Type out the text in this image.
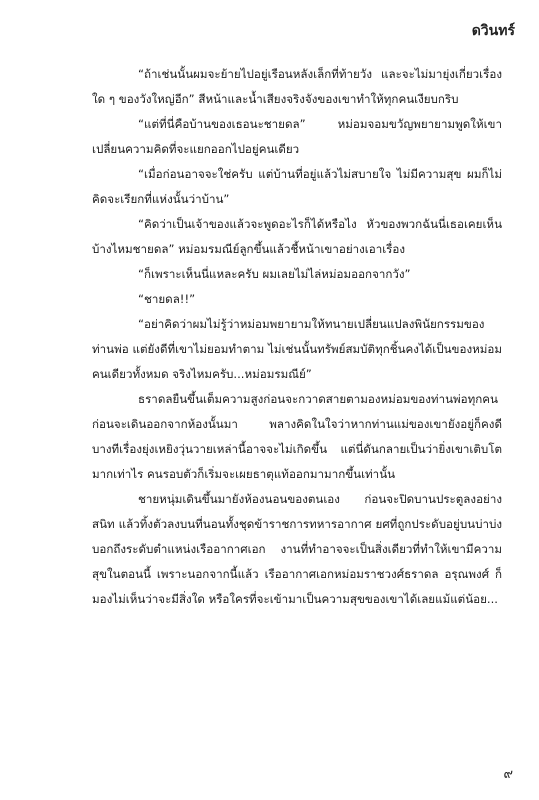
ดวินทร์

“ถ้าเช่นนั้นผมจะย้ายไปอยู่เรือนหลังเล็กที่ท้ายวัง และจะไม่มายุ่งเกี่ยวเรื่องใด ๆ ของวังใหญ่อีก” สีหน้าและน้ำเสียงจริงจังของเขาทำให้ทุกคนเงียบกริบ

“แต่ที่นี่คือบ้านของเธอนะชายดล” หม่อมจอมขวัญพยายามพูดให้เขาเปลี่ยนความคิดที่จะแยกออกไปอยู่คนเดียว

“เมื่อก่อนอาจจะใช่ครับ แต่บ้านที่อยู่แล้วไม่สบายใจ ไม่มีความสุข ผมก็ไม่คิดจะเรียกที่แห่งนั้นว่าบ้าน”

“คิดว่าเป็นเจ้าของแล้วจะพูดอะไรก็ได้หรือไง หัวของพวกฉันนี่เธอเคยเห็นบ้างไหมชายดล” หม่อมรมณีย์ลูกขึ้นแล้วชี้หน้าเขาอย่างเอาเรื่อง

“ก็เพราะเห็นนี่แหละครับ ผมเลยไม่ไล่หม่อมออกจากวัง”

“ชายดล!!”

“อย่าคิดว่าผมไม่รู้ว่าหม่อมพยายามให้ทนายเปลี่ยนแปลงพินัยกรรมของท่านพ่อ แต่ยังดีที่เขาไม่ยอมทำตาม ไม่เช่นนั้นทรัพย์สมบัติทุกชิ้นคงได้เป็นของหม่อมคนเดียวทั้งหมด จริงไหมครับ...หม่อมรมณีย์”

ธราดลยืนขึ้นเต็มความสูงก่อนจะกวาดสายตามองหม่อมของท่านพ่อทุกคน ก่อนจะเดินออกจากห้องนั้นมา พลางคิดในใจว่าหากท่านแม่ของเขายังอยู่ก็คงดี บางทีเรื่องยุ่งเหยิงวุ่นวายเหล่านี้อาจจะไม่เกิดขึ้น แต่นี่ดันกลายเป็นว่ายิ่งเขาเติบโตมากเท่าไร คนรอบตัวก็เริ่มจะเผยธาตุแท้ออกมามากขึ้นเท่านั้น

ชายหนุ่มเดินขึ้นมายังห้องนอนของตนเอง ก่อนจะปิดบานประตูลงอย่างสนิท แล้วทิ้งตัวลงบนที่นอนทั้งชุดข้าราชการทหารอากาศ ยศที่ถูกประดับอยู่บนบ่าบ่งบอกถึงระดับตำแหน่งเรืออากาศเอก งานที่ทำอาจจะเป็นสิ่งเดียวที่ทำให้เขามีความสุขในตอนนี้ เพราะนอกจากนี้แล้ว เรืออากาศเอกหม่อมราชวงศ์ธราดล อรุณพงศ์ ก็มองไม่เห็นว่าจะมีสิ่งใด หรือใครที่จะเข้ามาเป็นความสุขของเขาได้เลยแม้แต่น้อย...

๙
